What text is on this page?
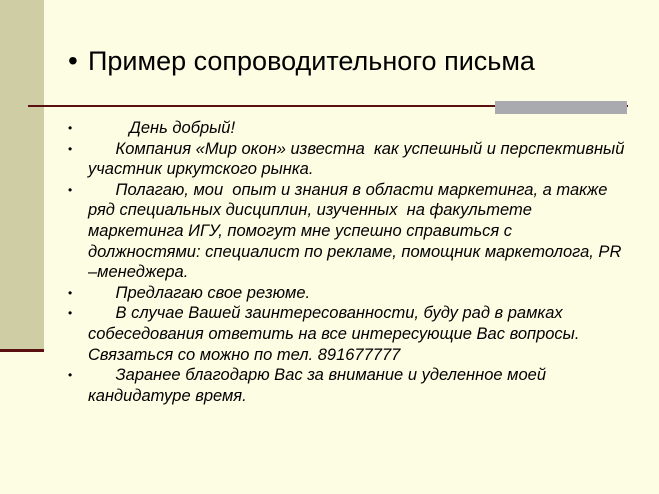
• Пример сопроводительного письма
• День добрый!
• Компания «Мир окон» известна  как успешный и перспективный участник иркутского рынка.
• Полагаю, мои  опыт и знания в области маркетинга, а также ряд специальных дисциплин, изученных  на факультете маркетинга ИГУ, помогут мне успешно справиться с должностями: специалист по рекламе, помощник маркетолога, PR –менеджера.
• Предлагаю свое резюме.
• В случае Вашей заинтересованности, буду рад в рамках собеседования ответить на все интересующие Вас вопросы. Связаться со можно по тел. 891677777
• Заранее благодарю Вас за внимание и уделенное моей кандидатуре время.
